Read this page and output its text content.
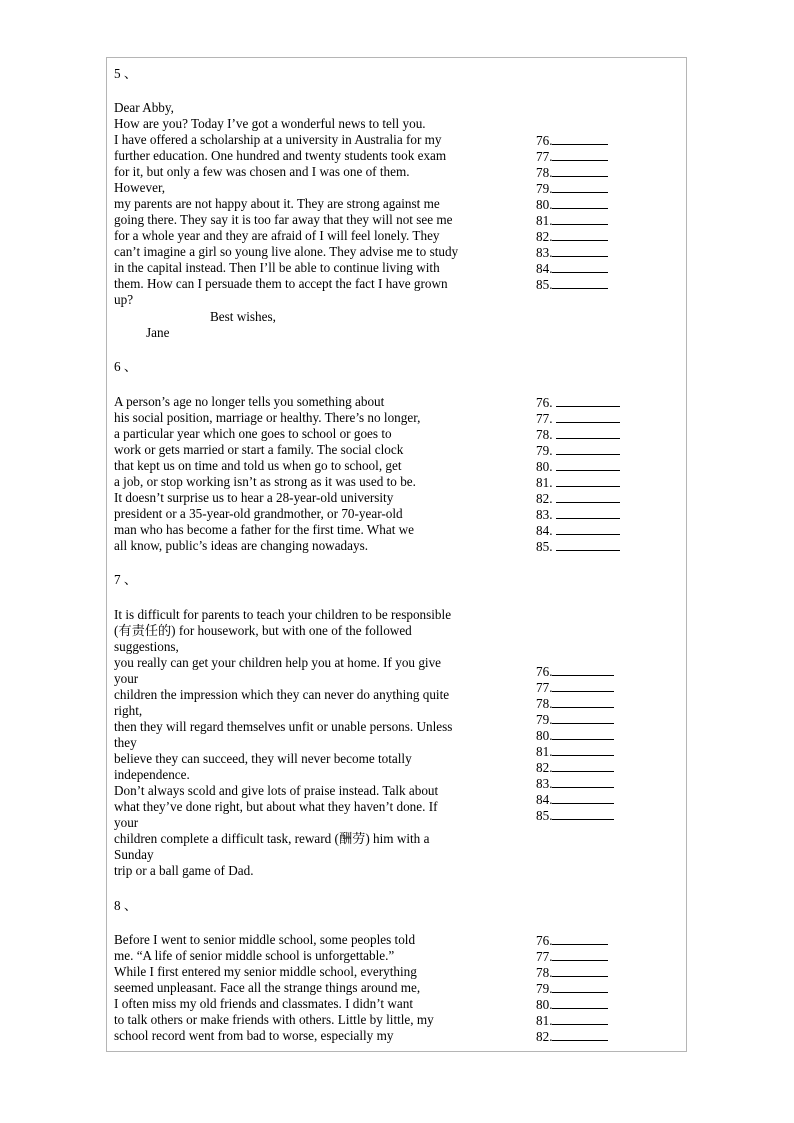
5 、
Dear Abby,
How are you? Today I’ve got a wonderful news to tell you.
I have offered a scholarship at a university in Australia for my
further education. One hundred and twenty students took exam
for it, but only a few was chosen and I was one of them.
However,
my parents are not happy about it. They are strong against me
going there. They say it is too far away that they will not see me
for a whole year and they are afraid of I will feel lonely. They
can’t imagine a girl so young live alone. They advise me to study
in the capital instead. Then I’ll be able to continue living with
them. How can I persuade them to accept the fact I have grown
up?
Best wishes,
Jane
76.
77.
78.
79.
80.
81.
82.
83.
84.
85.
6 、
A person’s age no longer tells you something about
his social position, marriage or healthy. There’s no longer,
a particular year which one goes to school or goes to
work or gets married or start a family. The social clock
that kept us on time and told us when go to school, get
a job, or stop working isn’t as strong as it was used to be.
It doesn’t surprise us to hear a 28-year-old university
president or a 35-year-old grandmother, or 70-year-old
man who has become a father for the first time. What we
all know, public’s ideas are changing nowadays.
76.
77.
78.
79.
80.
81.
82.
83.
84.
85.
7 、
It is difficult for parents to teach your children to be responsible
(有责任的) for housework, but with one of the followed
suggestions,
you really can get your children help you at home. If you give
your
children the impression which they can never do anything quite
right,
then they will regard themselves unfit or unable persons. Unless
they
believe they can succeed, they will never become totally
independence.
Don’t always scold and give lots of praise instead. Talk about
what they’ve done right, but about what they haven’t done. If
your
children complete a difficult task, reward (酬劳) him with a
Sunday
trip or a ball game of Dad.
76.
77.
78.
79.
80.
81.
82.
83.
84.
85.
8 、
Before I went to senior middle school, some peoples told
me. “A life of senior middle school is unforgettable.”
While I first entered my senior middle school, everything
seemed unpleasant. Face all the strange things around me,
I often miss my old friends and classmates. I didn’t want
to talk others or make friends with others. Little by little, my
school record went from bad to worse, especially my
76.
77.
78.
79.
80.
81.
82.
